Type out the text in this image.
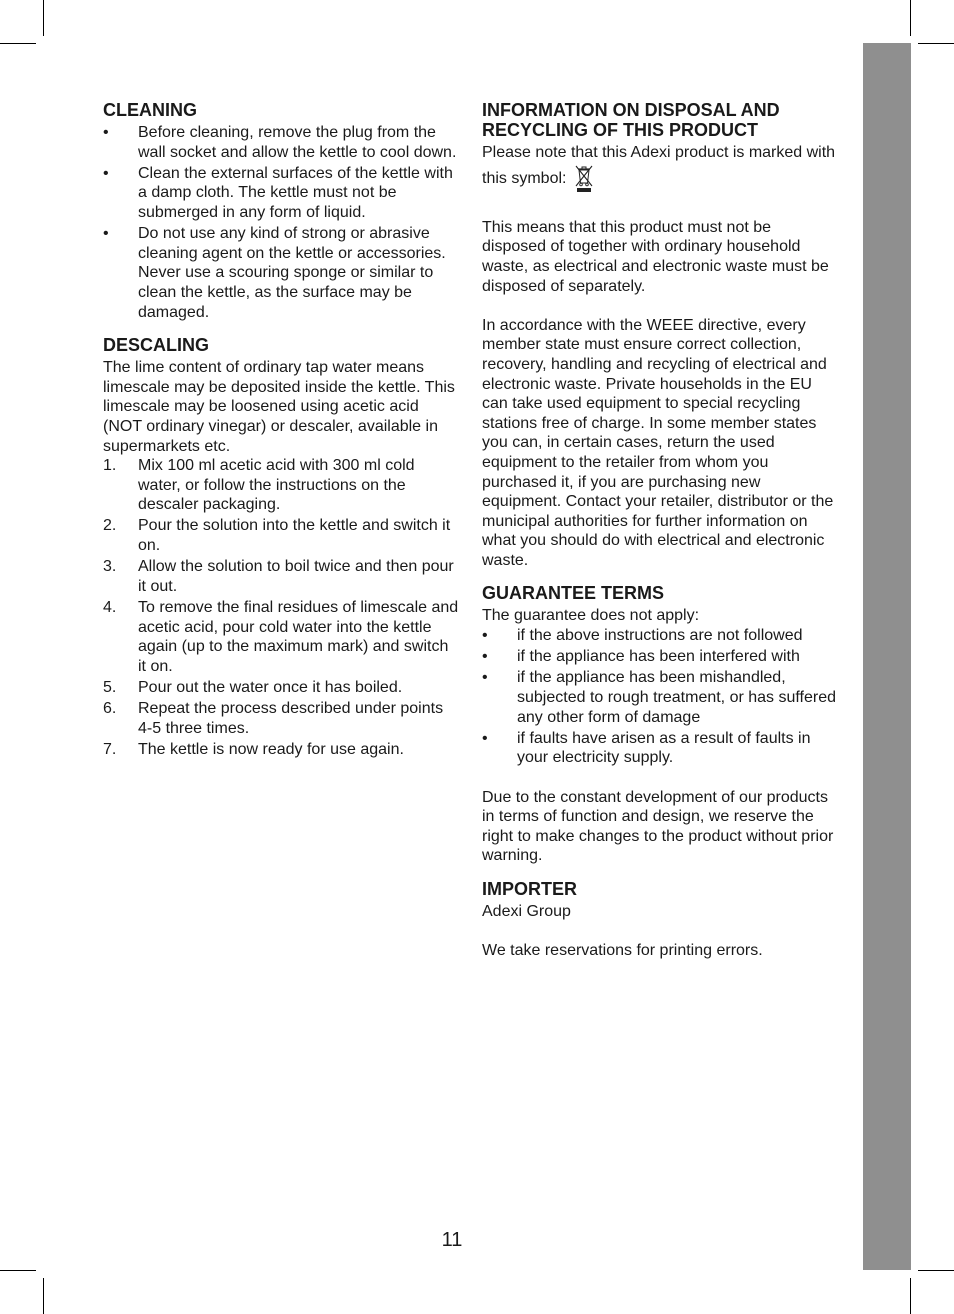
CLEANING
• Before cleaning, remove the plug from the wall socket and allow the kettle to cool down.
• Clean the external surfaces of the kettle with a damp cloth. The kettle must not be submerged in any form of liquid.
• Do not use any kind of strong or abrasive cleaning agent on the kettle or accessories. Never use a scouring sponge or similar to clean the kettle, as the surface may be damaged.
DESCALING

The lime content of ordinary tap water means limescale may be deposited inside the kettle. This limescale may be loosened using acetic acid (NOT ordinary vinegar) or descaler, available in supermarkets etc.

1. Mix 100 ml acetic acid with 300 ml cold water, or follow the instructions on the descaler packaging.
2. Pour the solution into the kettle and switch it on.
3. Allow the solution to boil twice and then pour it out.
4. To remove the final residues of limescale and acetic acid, pour cold water into the kettle again (up to the maximum mark) and switch it on.
5. Pour out the water once it has boiled.
6. Repeat the process described under points 4-5 three times.
7. The kettle is now ready for use again.
INFORMATION ON DISPOSAL AND RECYCLING OF THIS PRODUCT

Please note that this Adexi product is marked with this symbol:

This means that this product must not be disposed of together with ordinary household waste, as electrical and electronic waste must be disposed of separately.

In accordance with the WEEE directive, every member state must ensure correct collection, recovery, handling and recycling of electrical and electronic waste. Private households in the EU can take used equipment to special recycling stations free of charge. In some member states you can, in certain cases, return the used equipment to the retailer from whom you purchased it, if you are purchasing new equipment. Contact your retailer, distributor or the municipal authorities for further information on what you should do with electrical and electronic waste.

GUARANTEE TERMS

The guarantee does not apply:

• if the above instructions are not followed
• if the appliance has been interfered with
• if the appliance has been mishandled, subjected to rough treatment, or has suffered any other form of damage
• if faults have arisen as a result of faults in your electricity supply.

Due to the constant development of our products in terms of function and design, we reserve the right to make changes to the product without prior warning.

IMPORTER

Adexi Group

We take reservations for printing errors.

11
